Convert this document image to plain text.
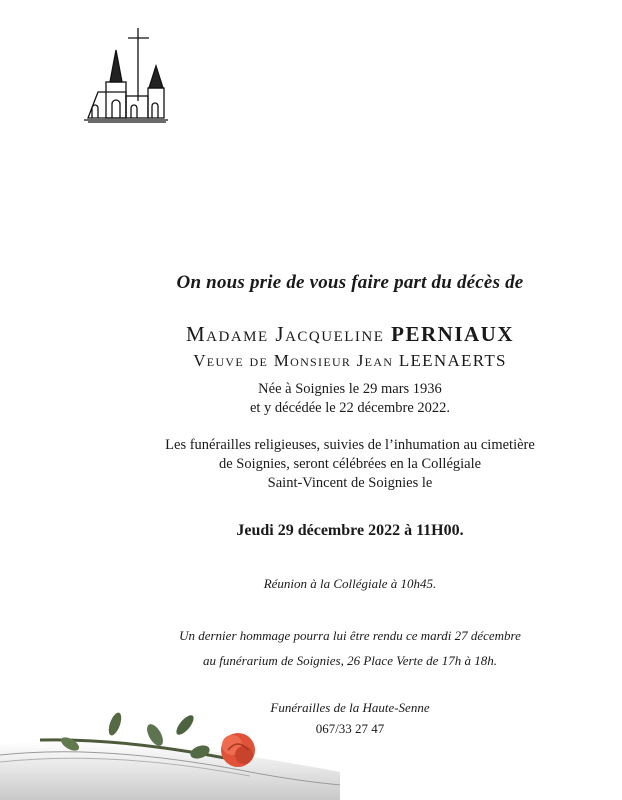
On nous prie de vous faire part du décès de
Madame Jacqueline PERNIAUX
Veuve de Monsieur Jean LEENAERTS
Née à Soignies le 29 mars 1936
et y décédée le 22 décembre 2022.
Les funérailles religieuses, suivies de l’inhumation au cimetière
de Soignies, seront célébrées en la Collégiale
Saint-Vincent de Soignies le
Jeudi 29 décembre 2022 à 11H00.
Réunion à la Collégiale à 10h45.
Un dernier hommage pourra lui être rendu ce mardi 27 décembre
au funérarium de Soignies, 26 Place Verte de 17h à 18h.
Funérailles de la Haute-Senne
067/33 27 47
